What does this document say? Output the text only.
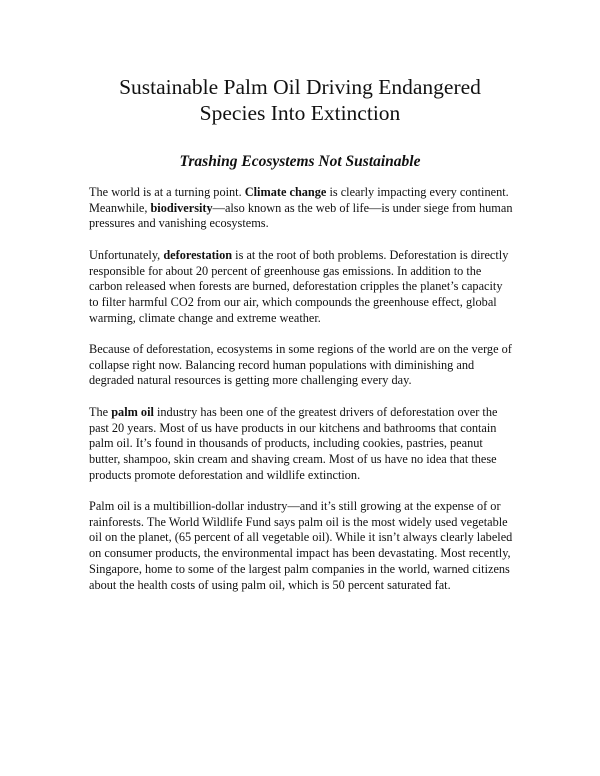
Sustainable Palm Oil Driving Endangered
Species Into Extinction
Trashing Ecosystems Not Sustainable

The world is at a turning point. Climate change is clearly impacting every continent. Meanwhile, biodiversity—also known as the web of life—is under siege from human pressures and vanishing ecosystems.

Unfortunately, deforestation is at the root of both problems. Deforestation is directly responsible for about 20 percent of greenhouse gas emissions. In addition to the carbon released when forests are burned, deforestation cripples the planet’s capacity to filter harmful CO2 from our air, which compounds the greenhouse effect, global warming, climate change and extreme weather.

Because of deforestation, ecosystems in some regions of the world are on the verge of collapse right now. Balancing record human populations with diminishing and degraded natural resources is getting more challenging every day.

The palm oil industry has been one of the greatest drivers of deforestation over the past 20 years. Most of us have products in our kitchens and bathrooms that contain palm oil. It’s found in thousands of products, including cookies, pastries, peanut butter, shampoo, skin cream and shaving cream. Most of us have no idea that these products promote deforestation and wildlife extinction.

Palm oil is a multibillion-dollar industry—and it’s still growing at the expense of or rainforests. The World Wildlife Fund says palm oil is the most widely used vegetable oil on the planet, (65 percent of all vegetable oil). While it isn’t always clearly labeled on consumer products, the environmental impact has been devastating. Most recently, Singapore, home to some of the largest palm companies in the world, warned citizens about the health costs of using palm oil, which is 50 percent saturated fat.
